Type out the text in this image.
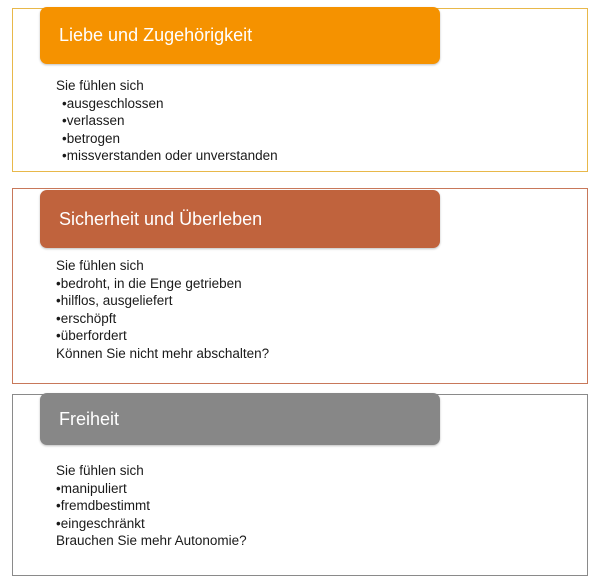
Liebe und Zugehörigkeit
Sie fühlen sich
• ausgeschlossen
• verlassen
• betrogen
• missverstanden oder unverstanden
Sicherheit und Überleben
Sie fühlen sich
• bedroht, in die Enge getrieben
• hilflos, ausgeliefert
• erschöpft
• überfordert
Können Sie nicht mehr abschalten?
Freiheit
Sie fühlen sich
• manipuliert
• fremdbestimmt
• eingeschränkt
Brauchen Sie mehr Autonomie?
